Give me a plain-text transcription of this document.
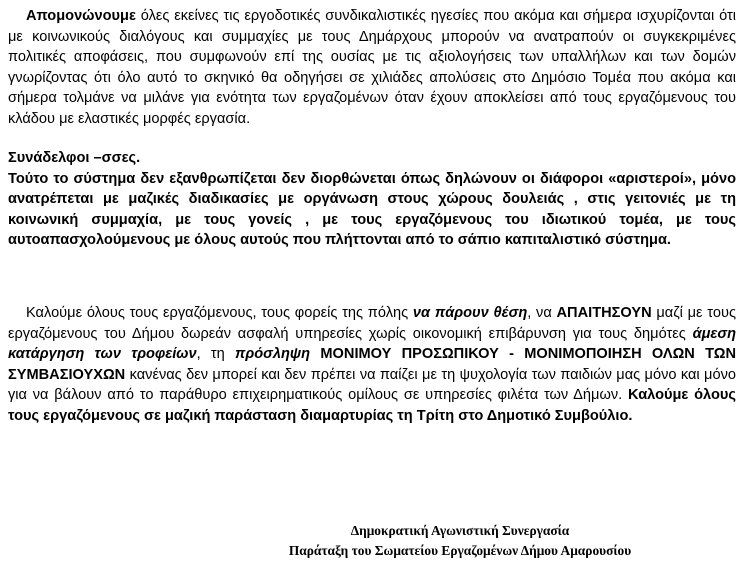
Απομονώνουμε όλες εκείνες τις εργοδοτικές συνδικαλιστικές ηγεσίες που ακόμα και σήμερα ισχυρίζονται ότι με κοινωνικούς διαλόγους και συμμαχίες με τους Δημάρχους μπορούν να ανατραπούν οι συγκεκριμένες πολιτικές αποφάσεις, που συμφωνούν επί της ουσίας με τις αξιολογήσεις των υπαλλήλων και των δομών γνωρίζοντας ότι όλο αυτό το σκηνικό θα οδηγήσει σε χιλιάδες απολύσεις στο Δημόσιο Τομέα που ακόμα και σήμερα τολμάνε να μιλάνε για ενότητα των εργαζομένων όταν έχουν αποκλείσει από τους εργαζόμενους του κλάδου με ελαστικές μορφές εργασία.

Συνάδελφοι –σσες.
Τούτο το σύστημα δεν εξανθρωπίζεται δεν διορθώνεται όπως δηλώνουν οι διάφοροι «αριστεροί», μόνο ανατρέπεται με μαζικές διαδικασίες με οργάνωση στους χώρους δουλειάς , στις γειτονιές με τη κοινωνική συμμαχία, με τους γονείς , με τους εργαζόμενους του ιδιωτικού τομέα, με τους αυτοαπασχολούμενους με όλους αυτούς που πλήττονται από το σάπιο καπιταλιστικό σύστημα.

Καλούμε όλους τους εργαζόμενους, τους φορείς της πόλης να πάρουν θέση, να ΑΠΑΙΤΗΣΟΥΝ μαζί με τους εργαζόμενους του Δήμου δωρεάν ασφαλή υπηρεσίες χωρίς οικονομική επιβάρυνση για τους δημότες άμεση κατάργηση των τροφείων, τη πρόσληψη ΜΟΝΙΜΟΥ ΠΡΟΣΩΠΙΚΟΥ - ΜΟΝΙΜΟΠΟΙΗΣΗ ΟΛΩΝ ΤΩΝ ΣΥΜΒΑΣΙΟΥΧΩΝ κανένας δεν μπορεί και δεν πρέπει να παίζει με τη ψυχολογία των παιδιών μας μόνο και μόνο για να βάλουν από το παράθυρο επιχειρηματικούς ομίλους σε υπηρεσίες φιλέτα των Δήμων. Καλούμε όλους τους εργαζόμενους σε μαζική παράσταση διαμαρτυρίας τη Τρίτη στο Δημοτικό Συμβούλιο.

Δημοκρατική Αγωνιστική Συνεργασία
Παράταξη του Σωματείου Εργαζομένων Δήμου Αμαρουσίου
